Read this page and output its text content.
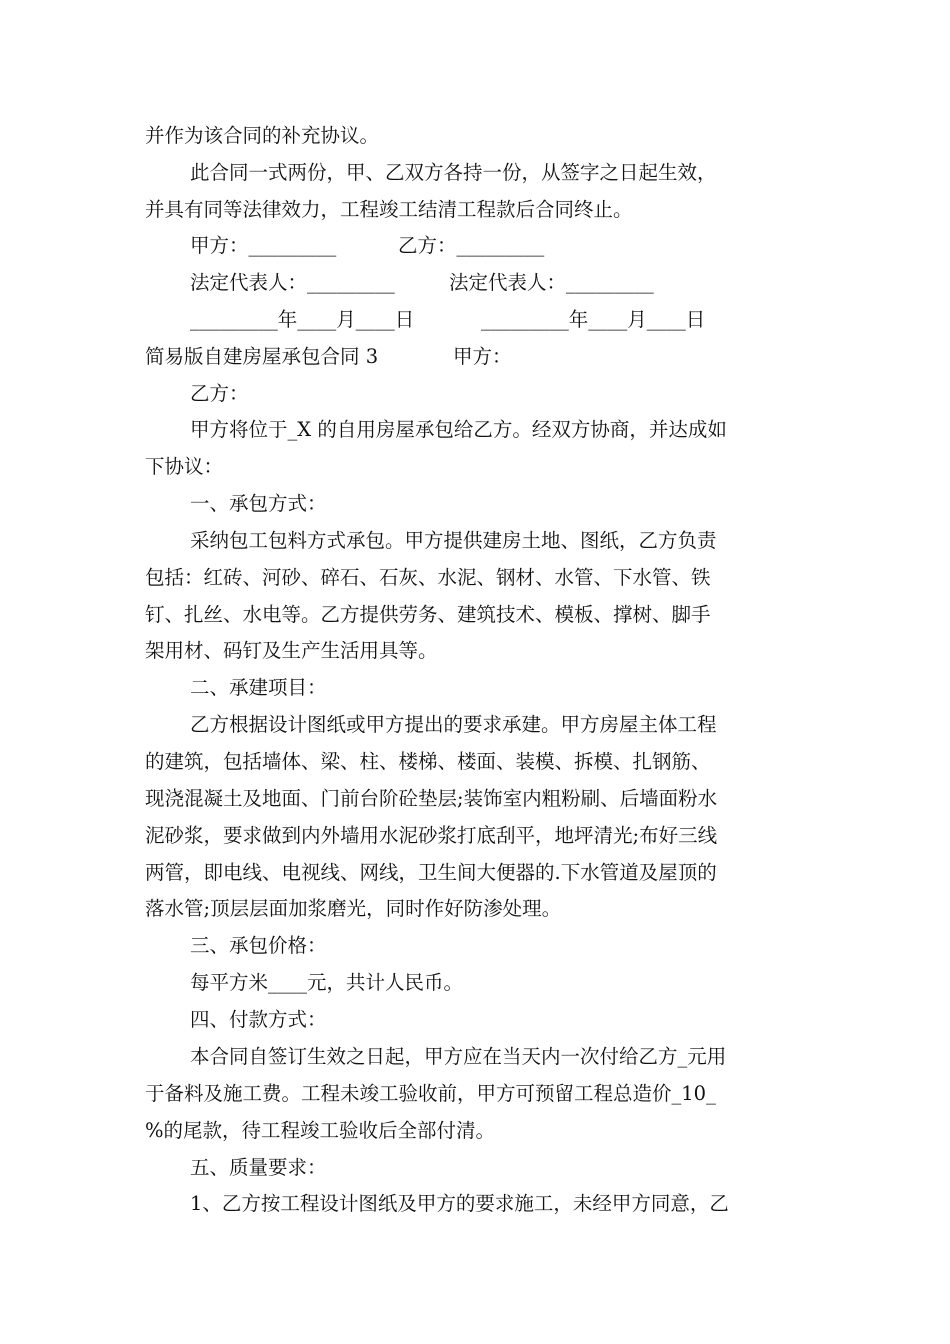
并作为该合同的补充协议。
此合同一式两份，甲、乙双方各持一份，从签字之日起生效，
并具有同等法律效力，工程竣工结清工程款后合同终止。
甲方：_________	乙方：_________
法定代表人：_________	法定代表人：_________
_________年____月____日	_________年____月____日
简易版自建房屋承包合同 3	甲方：
乙方：
甲方将位于_X 的自用房屋承包给乙方。经双方协商，并达成如
下协议：
一、承包方式：
采纳包工包料方式承包。甲方提供建房土地、图纸，乙方负责
包括：红砖、河砂、碎石、石灰、水泥、钢材、水管、下水管、铁
钉、扎丝、水电等。乙方提供劳务、建筑技术、模板、撑树、脚手
架用材、码钉及生产生活用具等。
二、承建项目：
乙方根据设计图纸或甲方提出的要求承建。甲方房屋主体工程
的建筑，包括墙体、梁、柱、楼梯、楼面、装模、拆模、扎钢筋、
现浇混凝土及地面、门前台阶砼垫层;装饰室内粗粉刷、后墙面粉水
泥砂浆，要求做到内外墙用水泥砂浆打底刮平，地坪清光;布好三线
两管，即电线、电视线、网线，卫生间大便器的.下水管道及屋顶的
落水管;顶层层面加浆磨光，同时作好防渗处理。
三、承包价格：
每平方米____元，共计人民币。
四、付款方式：
本合同自签订生效之日起，甲方应在当天内一次付给乙方_元用
于备料及施工费。工程未竣工验收前，甲方可预留工程总造价_10_
%的尾款，待工程竣工验收后全部付清。
五、质量要求：
1、乙方按工程设计图纸及甲方的要求施工，未经甲方同意，乙
